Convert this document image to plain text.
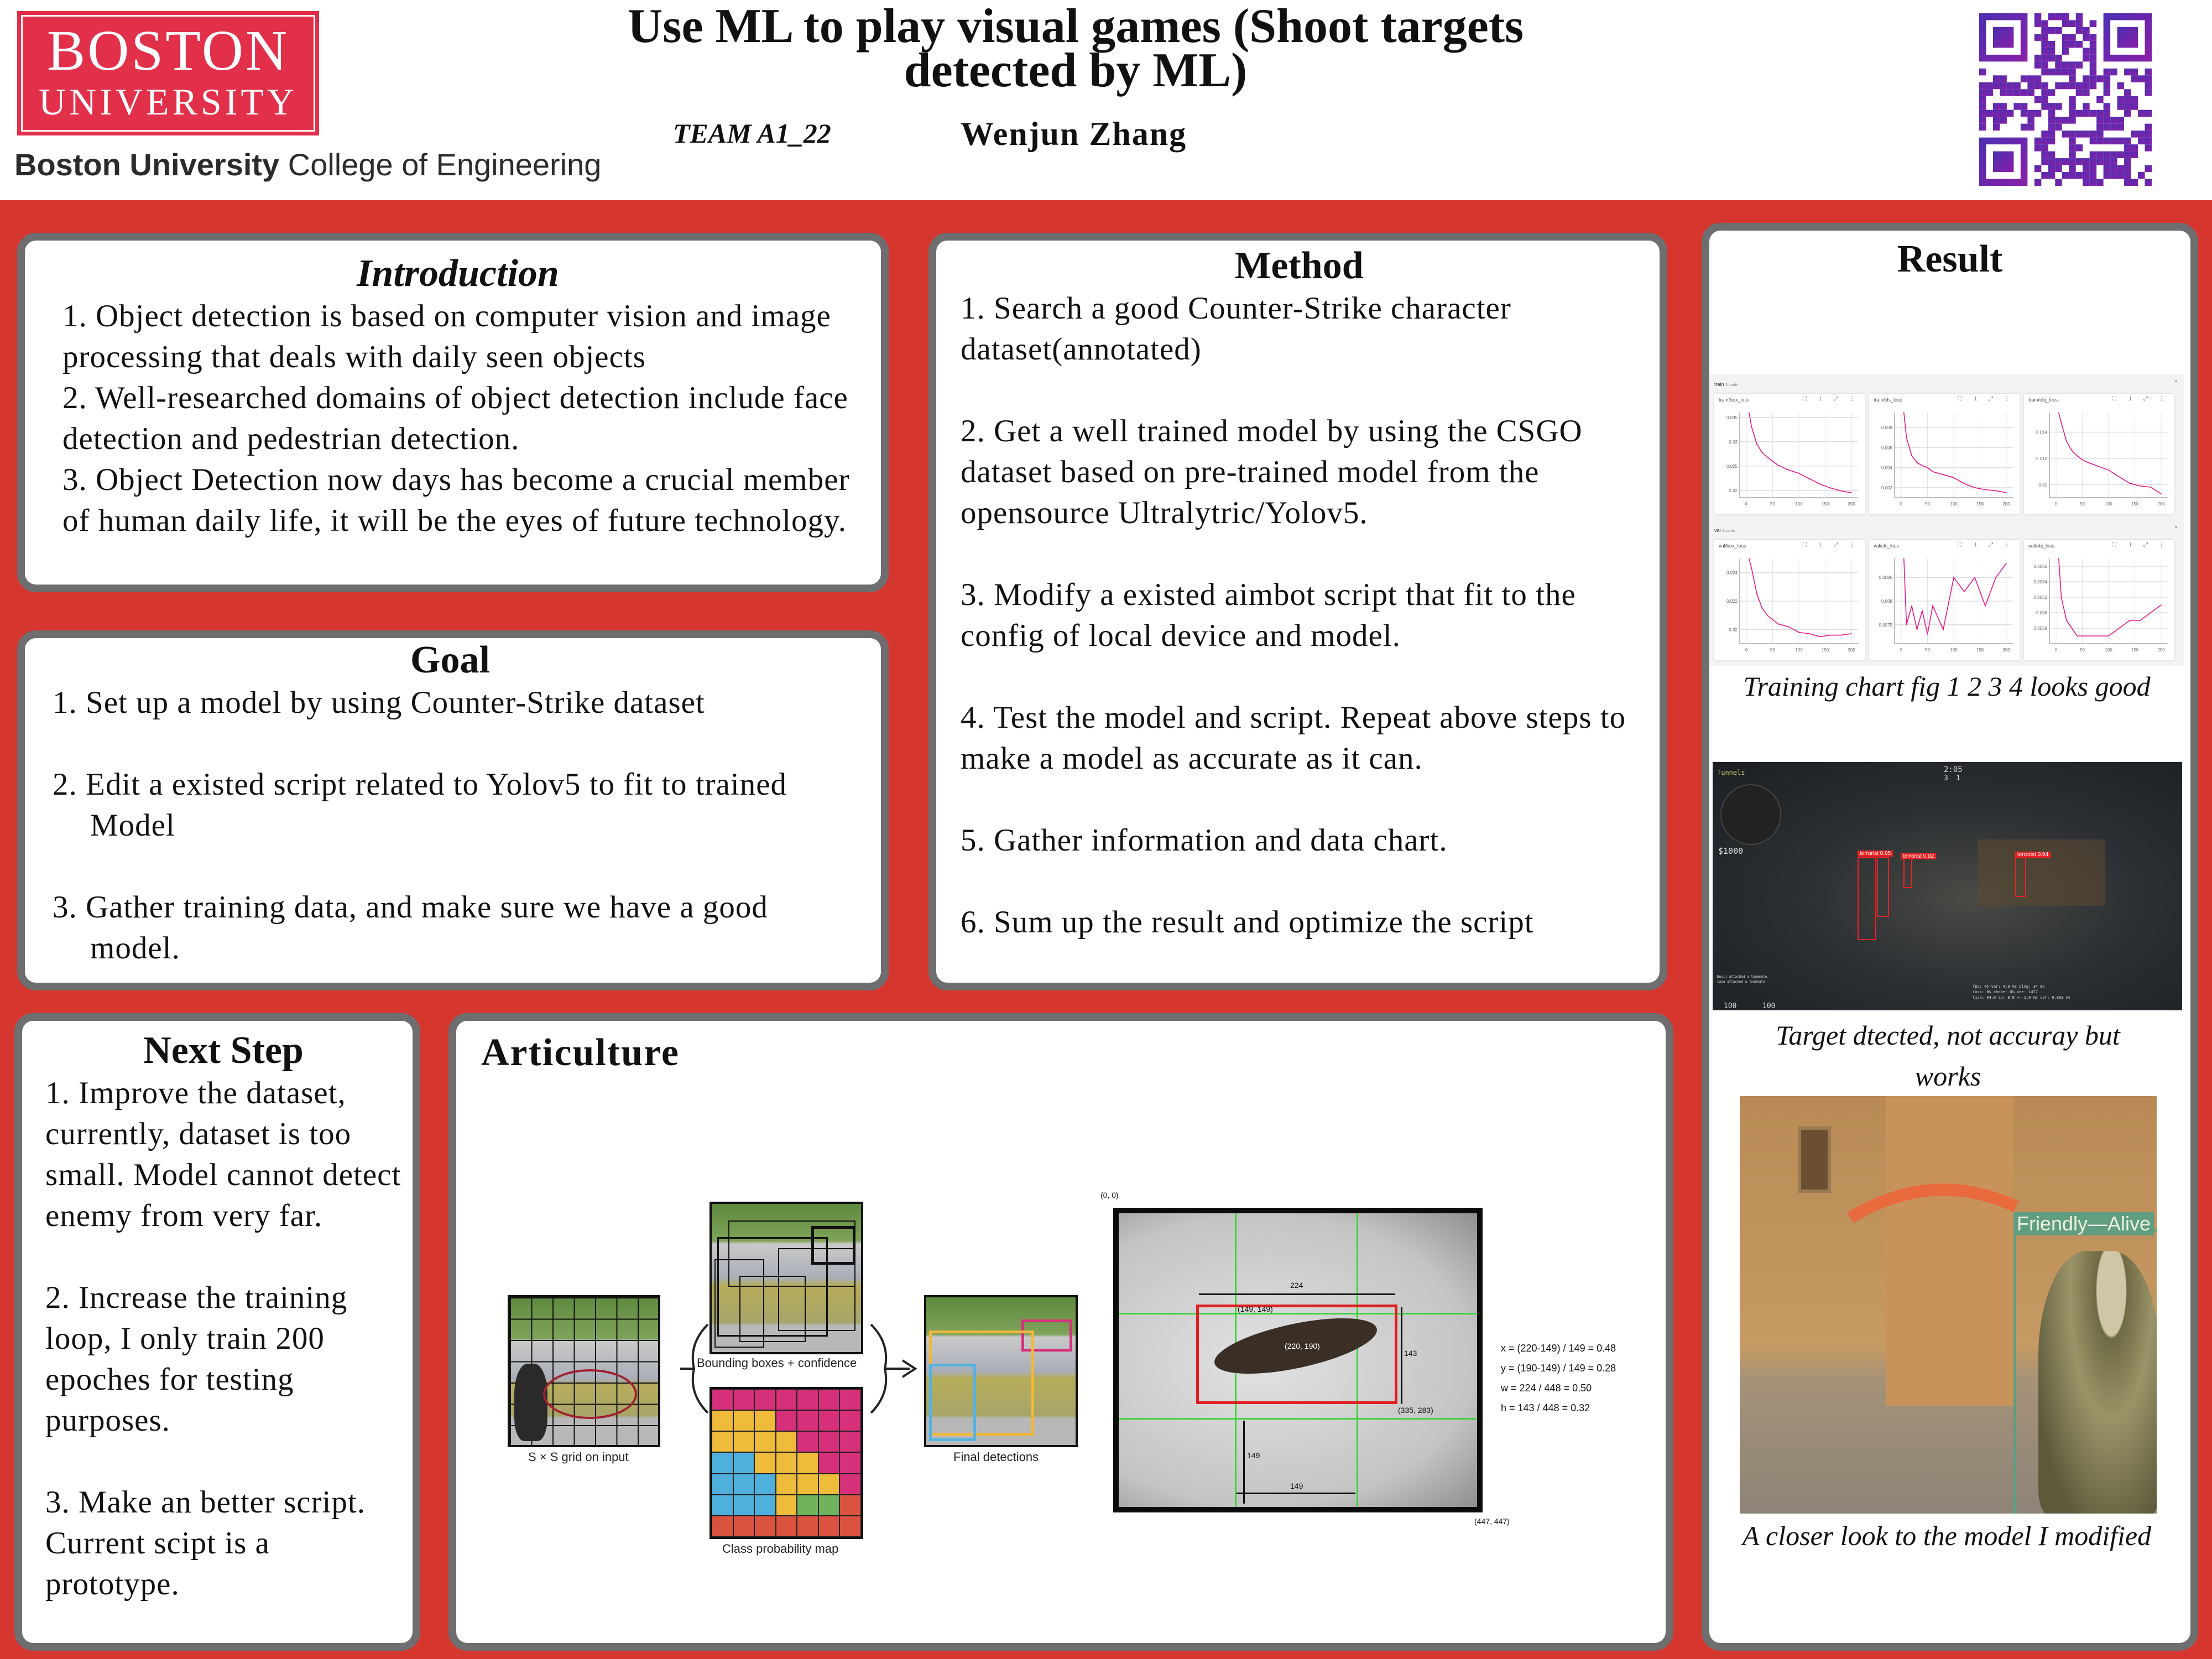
BOSTON
UNIVERSITY
Boston University College of Engineering
Use ML to play visual games (Shoot targets detected by ML)
TEAM A1_22	Wenjun Zhang
Introduction
1. Object detection is based on computer vision and image processing that deals with daily seen objects
2. Well-researched domains of object detection include face detection and pedestrian detection.
3. Object Detection now days has become a crucial member of human daily life, it will be the eyes of future technology.
Goal
1. Set up a model by using Counter-Strike dataset
2. Edit a existed script related to Yolov5 to fit to trained Model
3. Gather training data, and make sure we have a good model.
Method
1. Search a good Counter-Strike character dataset(annotated)
2. Get a well trained model by using the CSGO dataset based on pre-trained model from the opensource Ultralytric/Yolov5.
3. Modify a existed aimbot script that fit to the config of local device and model.
4. Test the model and script. Repeat above steps to make a model as accurate as it can.
5. Gather information and data chart.
6. Sum up the result and optimize the script
Next Step
1. Improve the dataset, currently, dataset is too small. Model cannot detect enemy from very far.
2. Increase the training loop, I only train 200 epoches for testing purposes.
3. Make an better script. Current scipt is a prototype.
Articulture
S × S grid on input
Bounding boxes + confidence
Class probability map
Final detections
(0, 0)
224
(149, 149)
(220, 190)
143
(335, 283)
149
149
(447, 447)
x = (220-149) / 149 = 0.48
y = (190-149) / 149 = 0.28
w = 224 / 448 = 0.50
h = 143 / 448 = 0.32
Result
train 3 cards
^
val 3 cards
^
train/box_loss	⛶ ⊥ ⤢ ⋮
0.02
0.025
0.03
0.035
0	50	100	150	200
train/cls_loss	⛶ ⊥ ⤢ ⋮
0.002
0.004
0.006
0.008
0	50	100	150	200
train/obj_loss	⛶ ⊥ ⤢ ⋮
0.01
0.012
0.014
0	50	100	150	200
val/box_loss	⛶ ⊥ ⤢ ⋮
0.02
0.022
0.024
0	50	100	150	200
val/cls_loss	⛶ ⊥ ⤢ ⋮
0.0075
0.008
0.0085
0	50	100	150	200
val/obj_loss	⛶ ⊥ ⤢ ⋮
0.0058
0.006
0.0062
0.0064
0.0066
0	50	100	150	200
Training chart fig 1 2 3 4 looks good
Tunnels
$1000
2:05
3 1
terrorist 0.95	terrorist 0.92	terrorist 0.94
Đuvii attacked a teammate.
caio attacked a teammate.
fps: 45 var: 4.8 ms ping: 34 ms
loss: 0% choke: 0% ver: 1477
tick: 64.0 sv: 8.8 +- 1.0 ms var: 0.003 ms
100	100
Target dtected, not accuray but works
Friendly—Alive
A closer look to the model I modified
